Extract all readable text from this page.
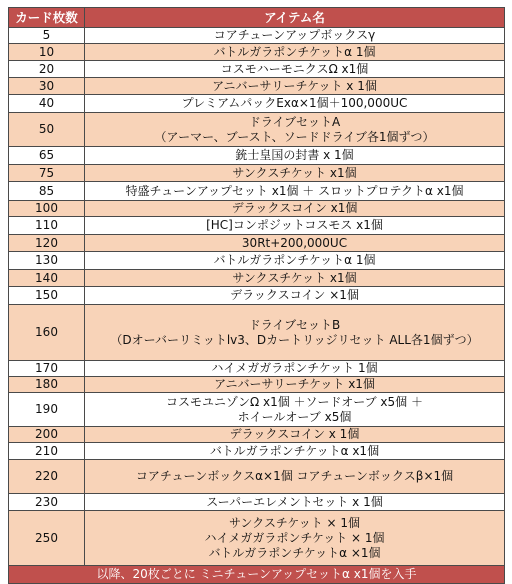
カード枚数	アイテム名
5	コアチューンアップボックスγ

10	バトルガラポンチケットα 1個

20	コスモハーモニクスΩ x1個

30	アニバーサリーチケット x 1個

40	プレミアムパックExα×1個＋100,000UC

50	ドライブセットA
（アーマー、ブースト、ソードドライブ各1個ずつ）

65	銃士皇国の封書 x 1個

75	サンクスチケット x1個

85	特盛チューンアップセット x1個 ＋ スロットプロテクトα x1個

100	デラックスコイン x1個

110	[HC]コンポジットコスモス x1個

120	30Rt+200,000UC

130	バトルガラポンチケットα 1個

140	サンクスチケット x1個

150	デラックスコイン ×1個

160	ドライブセットB
（Dオーバーリミットlv3、Dカートリッジリセット ALL各1個ずつ）

170	ハイメガガラポンチケット 1個

180	アニバーサリーチケット x1個

190	コスモユニゾンΩ x1個 ＋ソードオーブ x5個 ＋
ホイールオーブ x5個

200	デラックスコイン x 1個

210	バトルガラポンチケットα x1個

220	コアチューンボックスα×1個 コアチューンボックスβ×1個

230	スーパーエレメントセット x 1個

250	サンクスチケット × 1個
ハイメガガラポンチケット × 1個
バトルガラポンチケットα ×1個

以降、20枚ごとに ミニチューンアップセットα x1個を入手	
